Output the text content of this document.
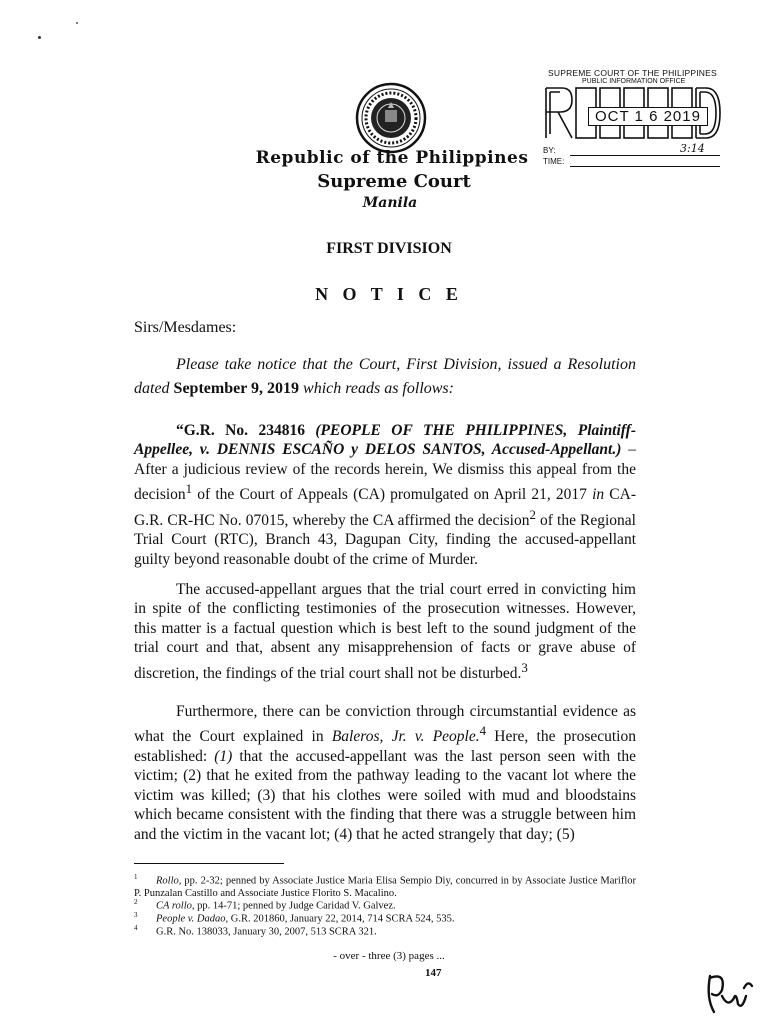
SUPREME COURT OF THE PHILIPPINES
PUBLIC INFORMATION OFFICE
OCT 1 6 2019
BY:
TIME:
3:14
Republic of the Philippines
Supreme Court
Manila
FIRST DIVISION
N O T I C E
Sirs/Mesdames:
Please take notice that the Court, First Division, issued a Resolution dated September 9, 2019 which reads as follows:
“G.R. No. 234816 (PEOPLE OF THE PHILIPPINES, Plaintiff-Appellee, v. DENNIS ESCAÑO y DELOS SANTOS, Accused-Appellant.) – After a judicious review of the records herein, We dismiss this appeal from the decision$^1$ of the Court of Appeals (CA) promulgated on April 21, 2017 in CA-G.R. CR-HC No. 07015, whereby the CA affirmed the decision$^2$ of the Regional Trial Court (RTC), Branch 43, Dagupan City, finding the accused-appellant guilty beyond reasonable doubt of the crime of Murder.
The accused-appellant argues that the trial court erred in convicting him in spite of the conflicting testimonies of the prosecution witnesses. However, this matter is a factual question which is best left to the sound judgment of the trial court and that, absent any misapprehension of facts or grave abuse of discretion, the findings of the trial court shall not be disturbed.$^3$
Furthermore, there can be conviction through circumstantial evidence as what the Court explained in Baleros, Jr. v. People.$^4$ Here, the prosecution established: (1) that the accused-appellant was the last person seen with the victim; (2) that he exited from the pathway leading to the vacant lot where the victim was killed; (3) that his clothes were soiled with mud and bloodstains which became consistent with the finding that there was a struggle between him and the victim in the vacant lot; (4) that he acted strangely that day; (5)
$^1$ Rollo, pp. 2-32; penned by Associate Justice Maria Elisa Sempio Diy, concurred in by Associate Justice Mariflor P. Punzalan Castillo and Associate Justice Florito S. Macalino.
$^2$ CA rollo, pp. 14-71; penned by Judge Caridad V. Galvez.
$^3$ People v. Dadao, G.R. 201860, January 22, 2014, 714 SCRA 524, 535.
$^4$ G.R. No. 138033, January 30, 2007, 513 SCRA 321.
- over - three (3) pages ...
147
